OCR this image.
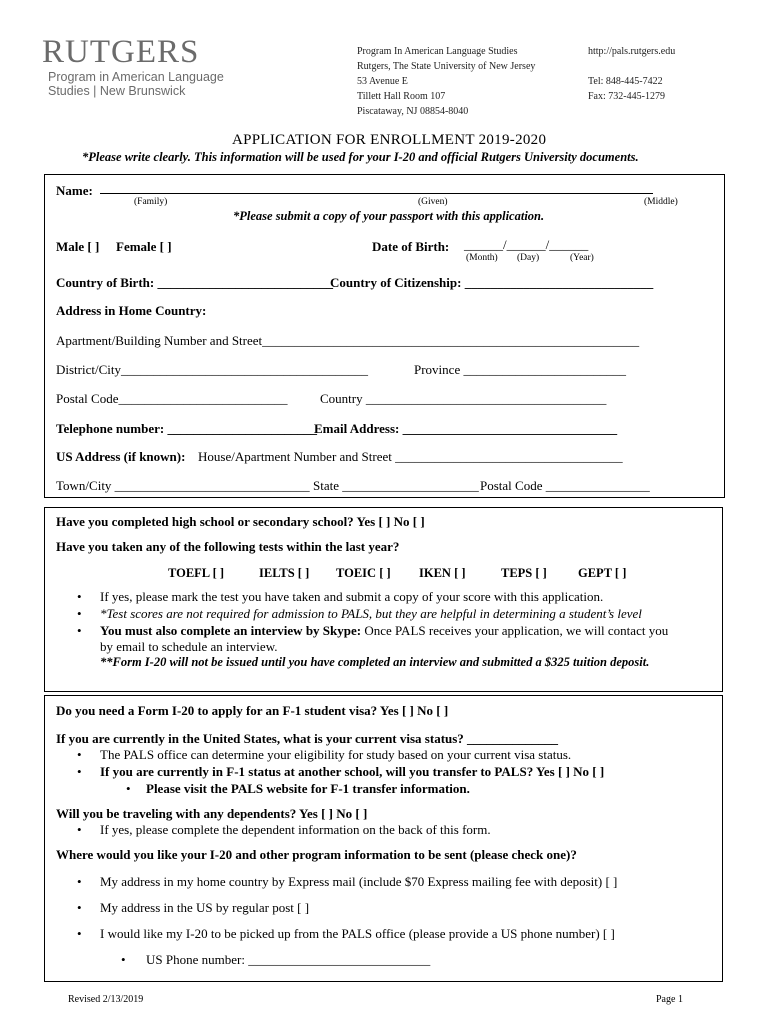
RUTGERS
Program in American Language
Studies | New Brunswick
Program In American Language Studies
Rutgers, The State University of New Jersey
53 Avenue E
Tillett Hall Room 107
Piscataway, NJ 08854-8040
http://pals.rutgers.edu
Tel: 848-445-7422
Fax: 732-445-1279
APPLICATION FOR ENROLLMENT 2019-2020
*Please write clearly. This information will be used for your I-20 and official Rutgers University documents.
Name:
(Family)	(Given)	(Middle)
*Please submit a copy of your passport with this application.
Male [ ] Female [ ]	Date of Birth: ______/______/______
(Month) (Day)	(Year)
Country of Birth: ___________________________
Country of Citizenship: _____________________________
Address in Home Country:
Apartment/Building Number and Street__________________________________________________________
District/City______________________________________	Province _________________________
Postal Code__________________________	Country _____________________________________
Telephone number: _______________________
Email Address: _________________________________
US Address (if known): House/Apartment Number and Street ___________________________________
Town/City ______________________________ State _____________________ Postal Code ________________
Have you completed high school or secondary school? Yes [ ] No [ ]
Have you taken any of the following tests within the last year?
TOEFL [ ]	IELTS [ ] TOEIC [ ] IKEN [ ]	TEPS [ ] GEPT [ ]
• If yes, please mark the test you have taken and submit a copy of your score with this application.
• *Test scores are not required for admission to PALS, but they are helpful in determining a student’s level
• You must also complete an interview by Skype: Once PALS receives your application, we will contact you
by email to schedule an interview.
**Form I-20 will not be issued until you have completed an interview and submitted a $325 tuition deposit.
Do you need a Form I-20 to apply for an F-1 student visa? Yes [ ] No [ ]
If you are currently in the United States, what is your current visa status? ______________
• The PALS office can determine your eligibility for study based on your current visa status.
• If you are currently in F-1 status at another school, will you transfer to PALS? Yes [ ] No [ ]
• Please visit the PALS website for F-1 transfer information.
Will you be traveling with any dependents? Yes [ ] No [ ]
• If yes, please complete the dependent information on the back of this form.
Where would you like your I-20 and other program information to be sent (please check one)?
• My address in my home country by Express mail (include $70 Express mailing fee with deposit) [ ]
• My address in the US by regular post [ ]
• I would like my I-20 to be picked up from the PALS office (please provide a US phone number) [ ]
• US Phone number: ____________________________
Revised 2/13/2019	Page 1
